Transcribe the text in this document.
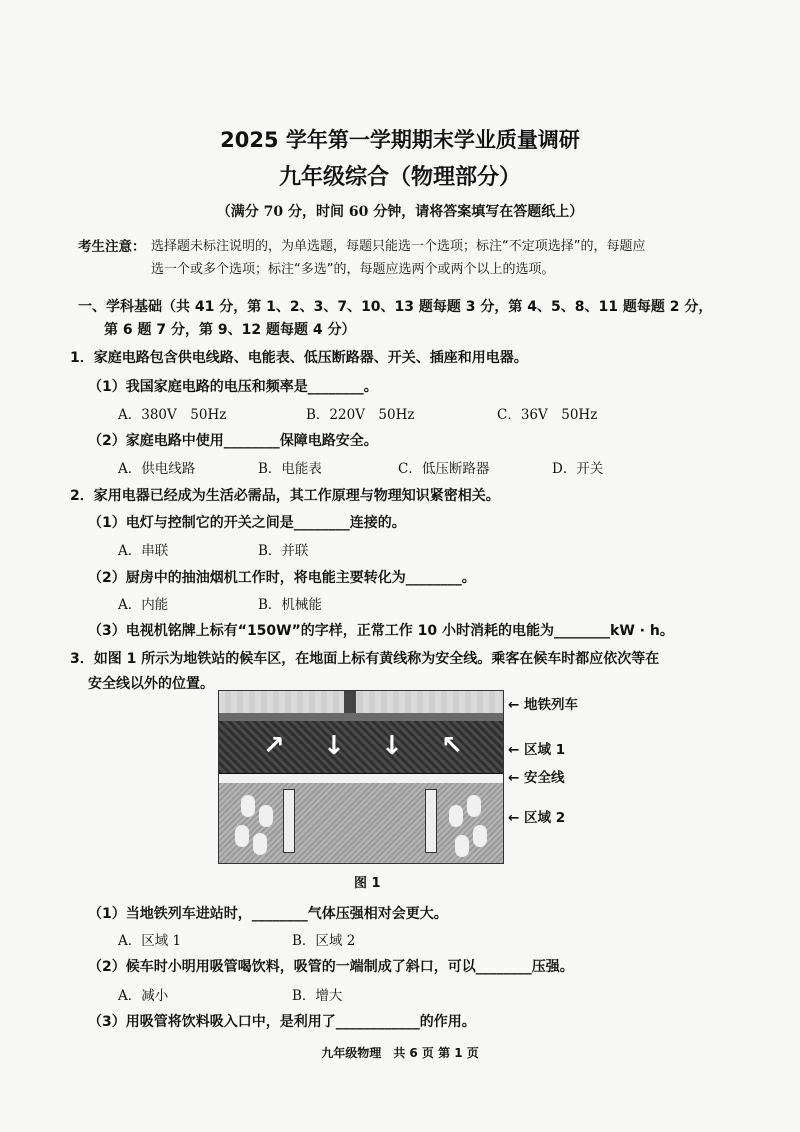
2025 学年第一学期期末学业质量调研
九年级综合（物理部分）
（满分 70 分，时间 60 分钟，请将答案填写在答题纸上）
考生注意： 选择题未标注说明的，为单选题，每题只能选一个选项；标注“不定项选择”的，每题应
选一个或多个选项；标注“多选”的，每题应选两个或两个以上的选项。
一、学科基础（共 41 分，第 1、2、3、7、10、13 题每题 3 分，第 4、5、8、11 题每题 2 分，
第 6 题 7 分，第 9、12 题每题 4 分）
1．家庭电路包含供电线路、电能表、低压断路器、开关、插座和用电器。
（1）我国家庭电路的电压和频率是________。
A．380V　50Hz	B．220V　50Hz	C．36V　50Hz
（2）家庭电路中使用________保障电路安全。
A．供电线路	B．电能表	C．低压断路器	D．开关
2．家用电器已经成为生活必需品，其工作原理与物理知识紧密相关。
（1）电灯与控制它的开关之间是________连接的。
A．串联	B．并联
（2）厨房中的抽油烟机工作时，将电能主要转化为________。
A．内能	B．机械能
（3）电视机铭牌上标有“150W”的字样，正常工作 10 小时消耗的电能为________kW · h。
3．如图 1 所示为地铁站的候车区，在地面上标有黄线称为安全线。乘客在候车时都应依次等在
安全线以外的位置。
↗ ↓ ↓ ↖
← 地铁列车
← 区域 1
← 安全线
← 区域 2
图 1
（1）当地铁列车进站时，________气体压强相对会更大。
A．区域 1	B．区域 2
（2）候车时小明用吸管喝饮料，吸管的一端制成了斜口，可以________压强。
A．减小	B．增大
（3）用吸管将饮料吸入口中，是利用了____________的作用。
九年级物理　共 6 页 第 1 页
